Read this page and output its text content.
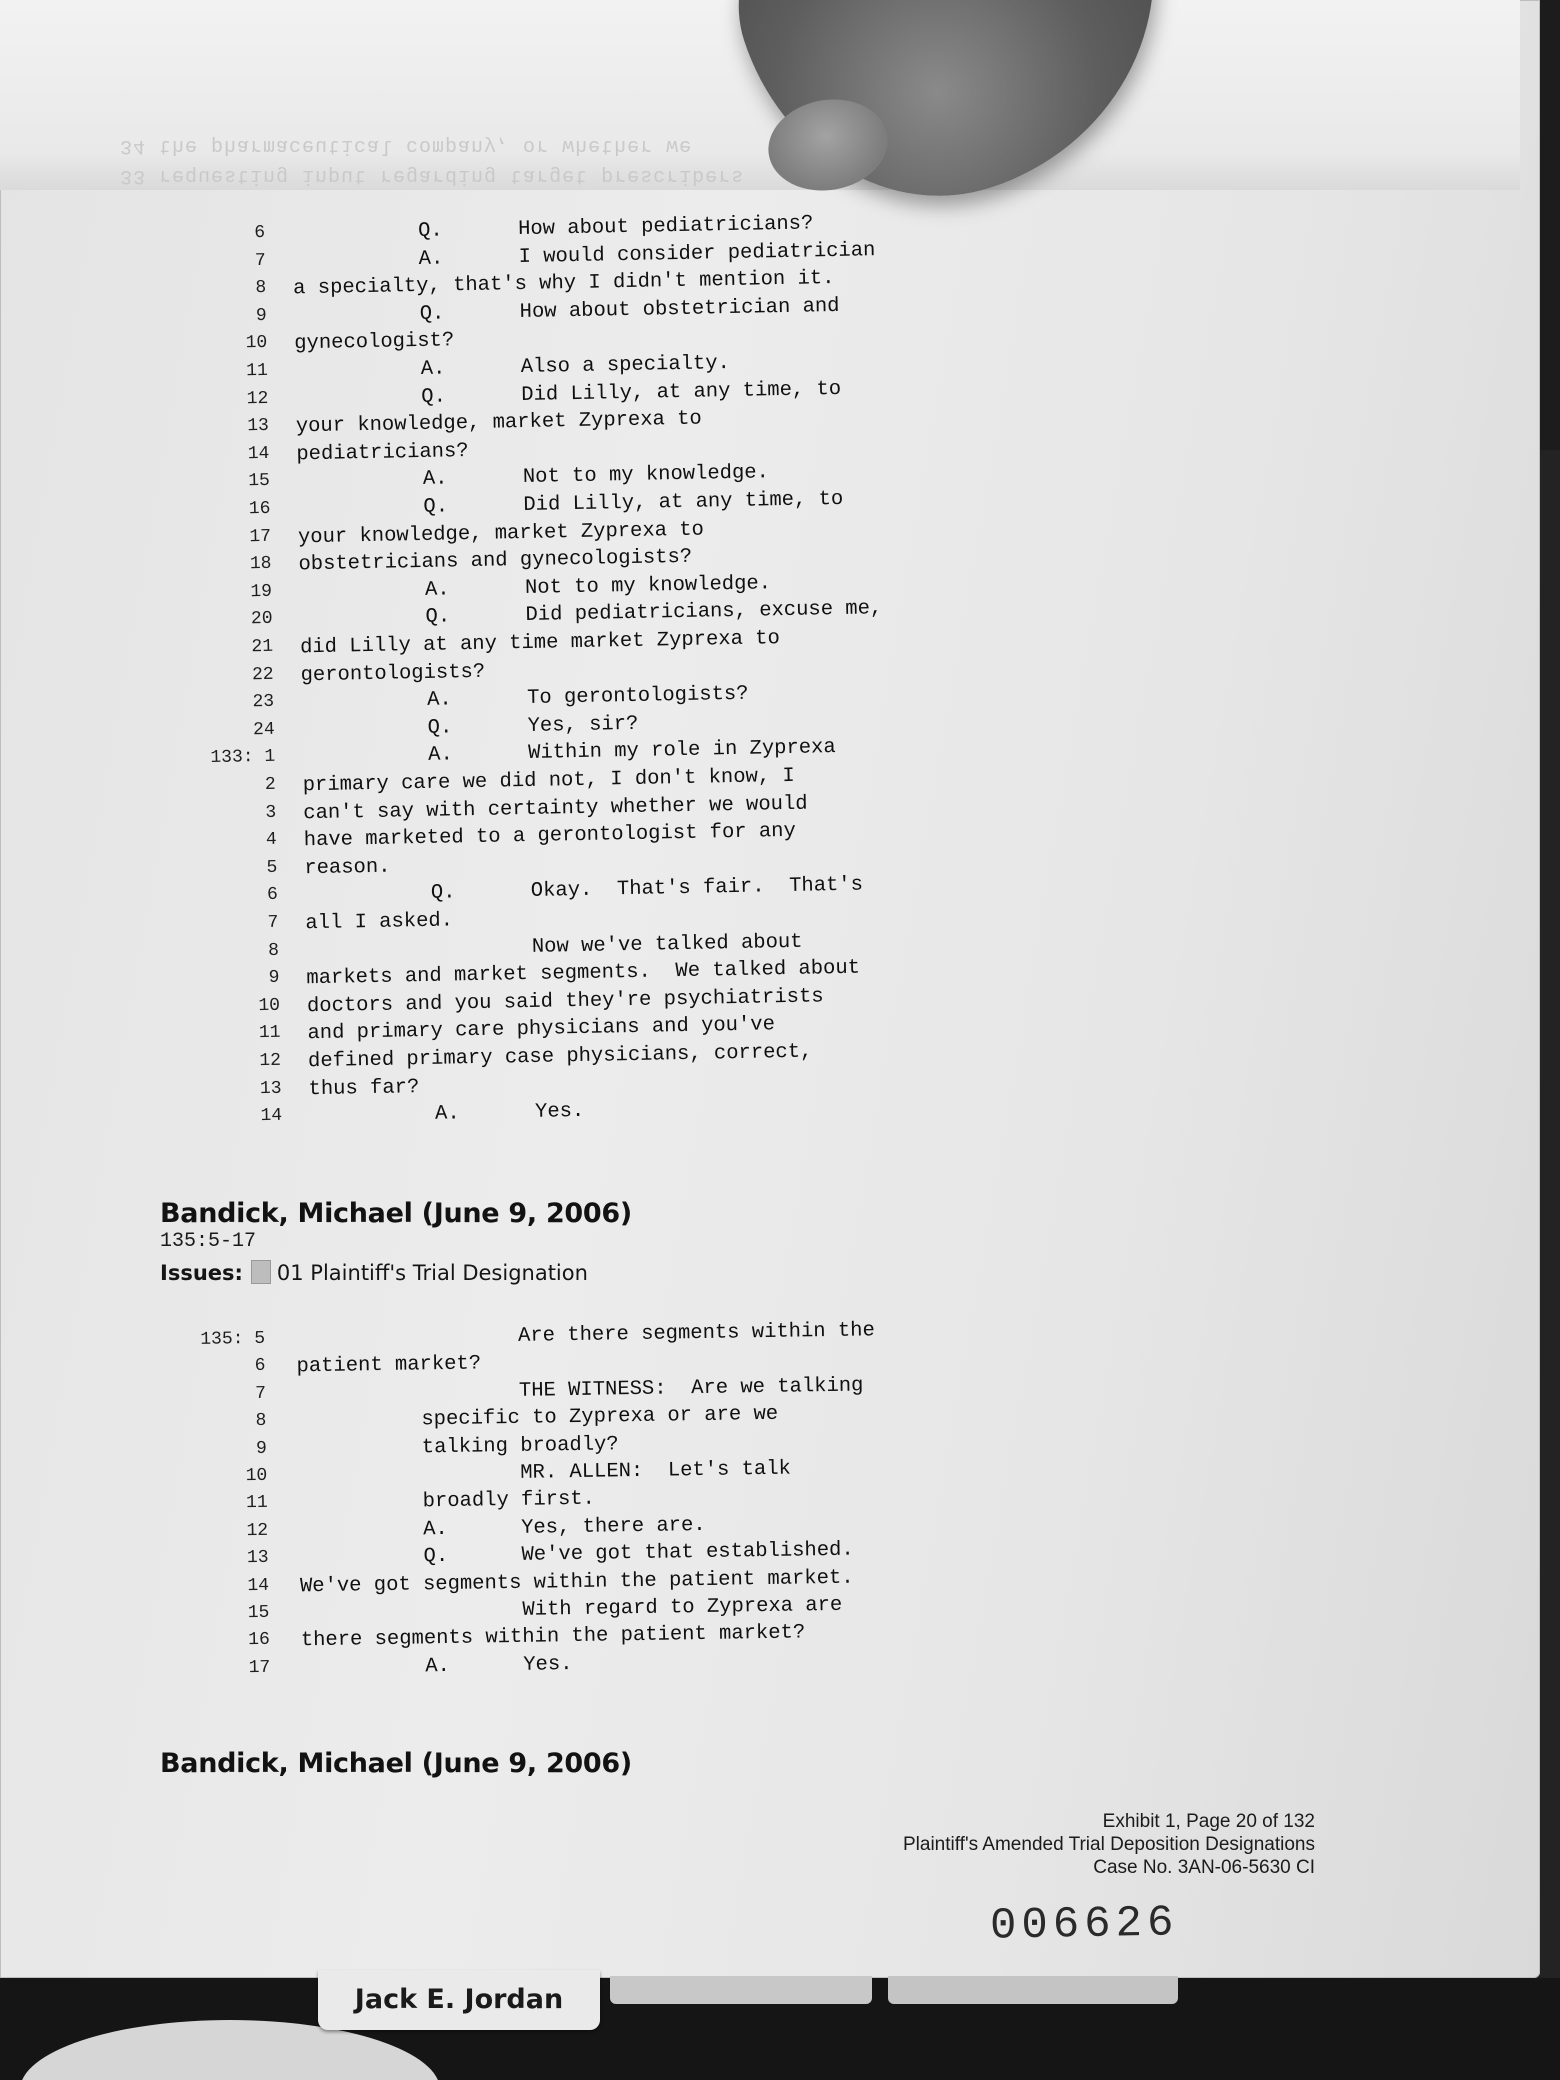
33 requesting input regarding target prescribers
34 the pharmaceutical company, or whether we
6	Q.	How about pediatricians?
7	A.	I would consider pediatrician
8 a specialty, that's why I didn't mention it.
9	Q.	How about obstetrician and
10 gynecologist?
11	A.	Also a specialty.
12	Q.	Did Lilly, at any time, to
13 your knowledge, market Zyprexa to
14 pediatricians?
15	A.	Not to my knowledge.
16	Q.	Did Lilly, at any time, to
17 your knowledge, market Zyprexa to
18 obstetricians and gynecologists?
19	A.	Not to my knowledge.
20	Q.	Did pediatricians, excuse me,
21 did Lilly at any time market Zyprexa to
22 gerontologists?
23	A.	To gerontologists?
24	Q.	Yes, sir?
133: 1	A.	Within my role in Zyprexa
2 primary care we did not, I don't know, I
3 can't say with certainty whether we would
4 have marketed to a gerontologist for any
5 reason.
6	Q.	Okay.  That's fair.  That's
7 all I asked.
8	Now we've talked about
9 markets and market segments.  We talked about
10 doctors and you said they're psychiatrists
11 and primary care physicians and you've
12 defined primary case physicians, correct,
13 thus far?
14	A.	Yes.
Bandick, Michael (June 9, 2006)
135:5-17
Issues: 01 Plaintiff's Trial Designation
135: 5	Are there segments within the
6 patient market?
7	THE WITNESS:  Are we talking
8	specific to Zyprexa or are we
9	talking broadly?
10	MR. ALLEN:  Let's talk
11	broadly first.
12	A.	Yes, there are.
13	Q.	We've got that established.
14 We've got segments within the patient market.
15	With regard to Zyprexa are
16 there segments within the patient market?
17	A.	Yes.
Bandick, Michael (June 9, 2006)
Exhibit 1, Page 20 of 132
Plaintiff's Amended Trial Deposition Designations
Case No. 3AN-06-5630 CI
006626
Jack E. Jordan
